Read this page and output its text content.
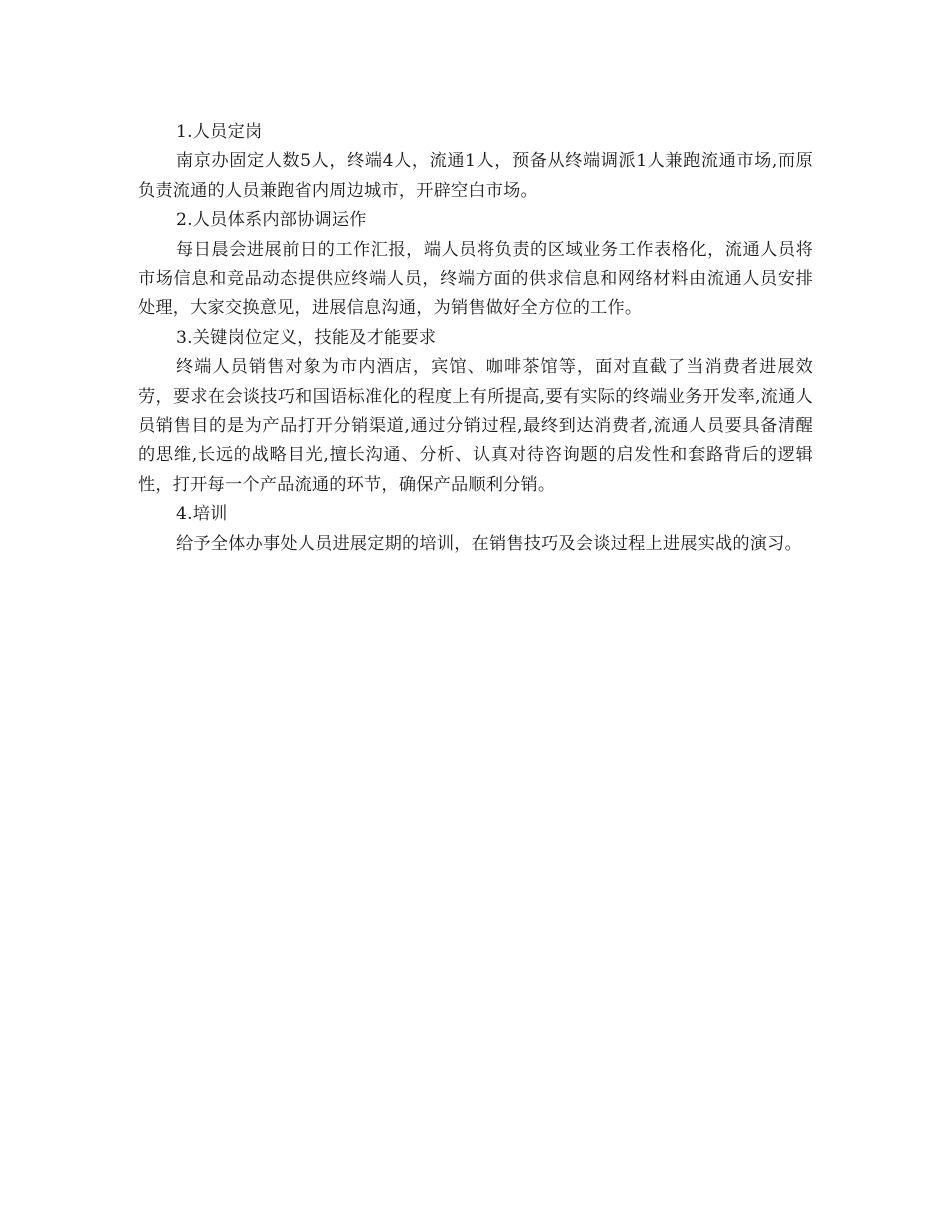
1.人员定岗

南京办固定人数5人，终端4人，流通1人，预备从终端调派1人兼跑流通市场,而原负责流通的人员兼跑省内周边城市，开辟空白市场。

2.人员体系内部协调运作

每日晨会进展前日的工作汇报，端人员将负责的区域业务工作表格化，流通人员将市场信息和竞品动态提供应终端人员，终端方面的供求信息和网络材料由流通人员安排处理，大家交换意见，进展信息沟通，为销售做好全方位的工作。

3.关键岗位定义，技能及才能要求

终端人员销售对象为市内酒店，宾馆、咖啡茶馆等，面对直截了当消费者进展效劳，要求在会谈技巧和国语标准化的程度上有所提高,要有实际的终端业务开发率,流通人员销售目的是为产品打开分销渠道,通过分销过程,最终到达消费者,流通人员要具备清醒的思维,长远的战略目光,擅长沟通、分析、认真对待咨询题的启发性和套路背后的逻辑性，打开每一个产品流通的环节，确保产品顺利分销。

4.培训

给予全体办事处人员进展定期的培训，在销售技巧及会谈过程上进展实战的演习。
